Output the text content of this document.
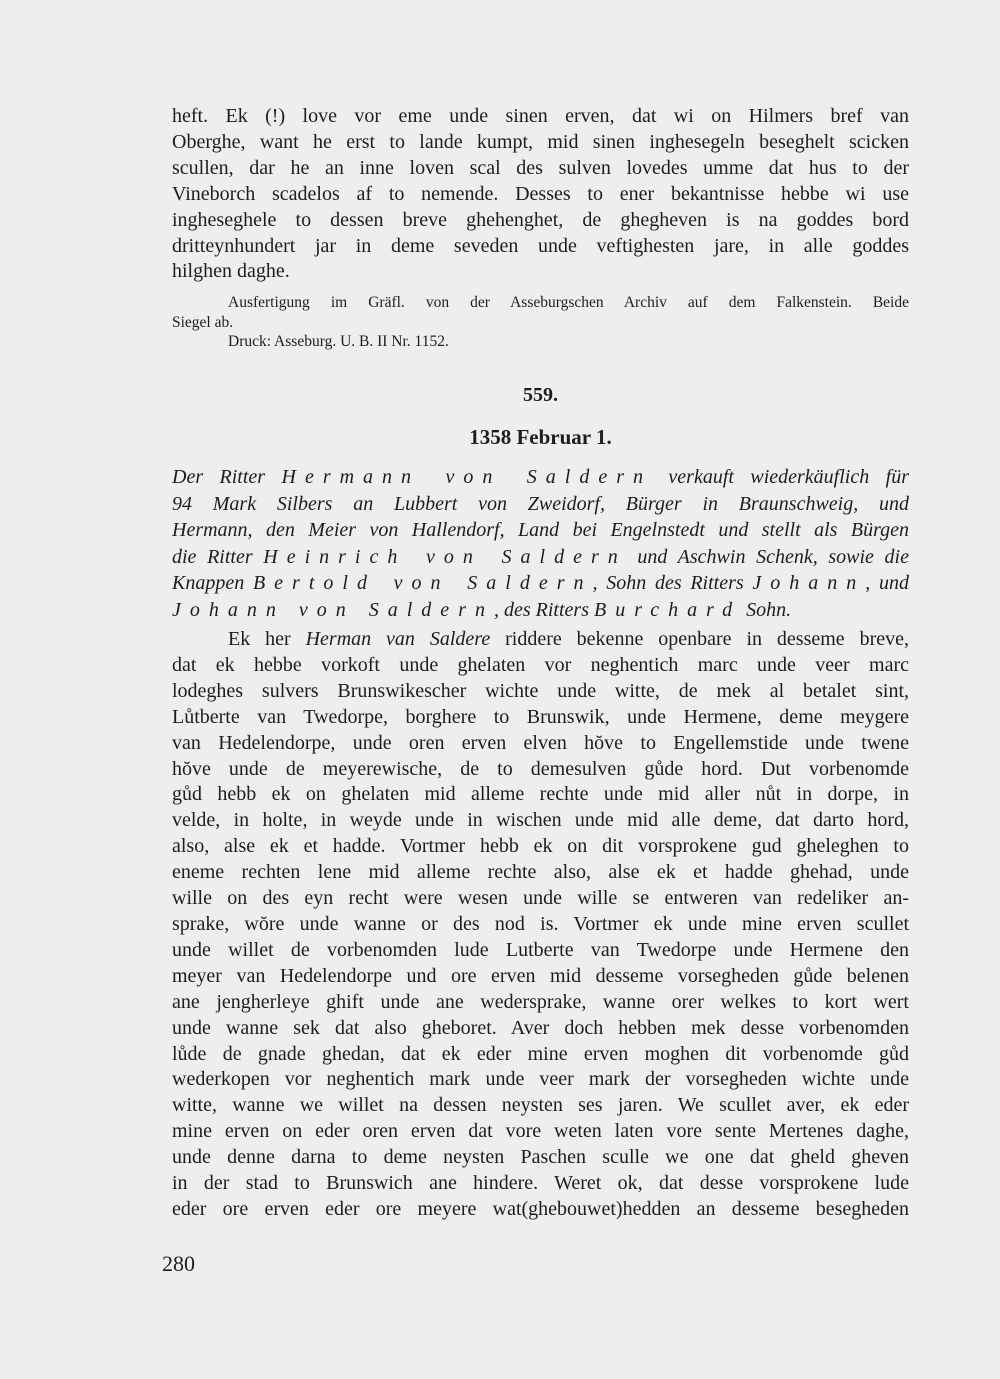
heft. Ek (!) love vor eme unde sinen erven, dat wi on Hilmers bref van
Oberghe, want he erst to lande kumpt, mid sinen inghesegeln beseghelt scicken
scullen, dar he an inne loven scal des sulven lovedes umme dat hus to der
Vineborch scadelos af to nemende. Desses to ener bekantnisse hebbe wi use
ingheseghele to dessen breve ghehenghet, de ghegheven is na goddes bord
dritteynhundert jar in deme seveden unde veftighesten jare, in alle goddes
hilghen daghe.
Ausfertigung im Gräfl. von der Asseburgschen Archiv auf dem Falkenstein. Beide
Siegel ab.
Druck: Asseburg. U. B. II Nr. 1152.
559.
1358 Februar 1.
Der Ritter Hermann von Saldern verkauft wiederkäuflich für
94 Mark Silbers an Lubbert von Zweidorf, Bürger in Braunschweig, und
Hermann, den Meier von Hallendorf, Land bei Engelnstedt und stellt als Bürgen
die Ritter Heinrich von Saldern und Aschwin Schenk, sowie die
Knappen Bertold von Saldern, Sohn des Ritters Johann, und
Johann von Saldern, des Ritters Burchard Sohn.
Ek her Herman van Saldere riddere bekenne openbare in desseme breve,
dat ek hebbe vorkoft unde ghelaten vor neghentich marc unde veer marc
lodeghes sulvers Brunswikescher wichte unde witte, de mek al betalet sint,
Lůtberte van Twedorpe, borghere to Brunswik, unde Hermene, deme meygere
van Hedelendorpe, unde oren erven elven hŏve to Engellemstide unde twene
hŏve unde de meyerewische, de to demesulven gůde hord. Dut vorbenomde
gůd hebb ek on ghelaten mid alleme rechte unde mid aller nůt in dorpe, in
velde, in holte, in weyde unde in wischen unde mid alle deme, dat darto hord,
also, alse ek et hadde. Vortmer hebb ek on dit vorsprokene gud gheleghen to
eneme rechten lene mid alleme rechte also, alse ek et hadde ghehad, unde
wille on des eyn recht were wesen unde wille se entweren van redeliker an-
sprake, wŏre unde wanne or des nod is. Vortmer ek unde mine erven scullet
unde willet de vorbenomden lude Lutberte van Twedorpe unde Hermene den
meyer van Hedelendorpe und ore erven mid desseme vorsegheden gůde belenen
ane jengherleye ghift unde ane wedersprake, wanne orer welkes to kort wert
unde wanne sek dat also gheboret. Aver doch hebben mek desse vorbenomden
lůde de gnade ghedan, dat ek eder mine erven moghen dit vorbenomde gůd
wederkopen vor neghentich mark unde veer mark der vorsegheden wichte unde
witte, wanne we willet na dessen neysten ses jaren. We scullet aver, ek eder
mine erven on eder oren erven dat vore weten laten vore sente Mertenes daghe,
unde denne darna to deme neysten Paschen sculle we one dat gheld gheven
in der stad to Brunswich ane hindere. Weret ok, dat desse vorsprokene lude
eder ore erven eder ore meyere wat(ghebouwet)hedden an desseme besegheden
280
